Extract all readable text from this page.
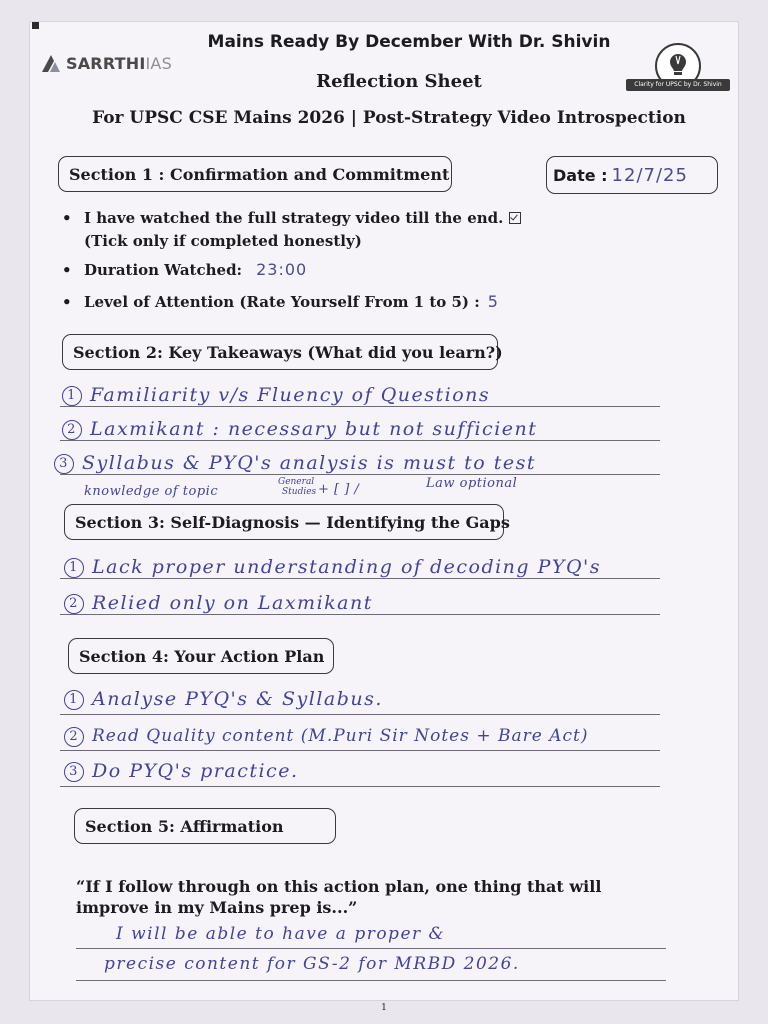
SARRTHIIAS
Clarity for UPSC by Dr. Shivin
Mains Ready By December With Dr. Shivin
Reflection Sheet
For UPSC CSE Mains 2026 | Post-Strategy Video Introspection
Section 1 : Confirmation and Commitment	Date : 12/7/25
• I have watched the full strategy video till the end.
(Tick only if completed honestly)
• Duration Watched: 23:00
• Level of Attention (Rate Yourself From 1 to 5) : 5
Section 2: Key Takeaways (What did you learn?)
1 Familiarity v/s Fluency of Questions
2 Laxmikant : necessary but not sufficient
3 Syllabus & PYQ's analysis is must to test
knowledge of topic
General
Studies + [ ] /	Law optional
Section 3: Self-Diagnosis — Identifying the Gaps
1 Lack proper understanding of decoding PYQ's
2 Relied only on Laxmikant
Section 4: Your Action Plan
1 Analyse PYQ's & Syllabus.
2 Read Quality content (M.Puri Sir Notes + Bare Act)
3 Do PYQ's practice.
Section 5: Affirmation
“If I follow through on this action plan, one thing that will improve in my Mains prep is...”
I will be able to have a proper &
precise content for GS-2 for MRBD 2026.
1
